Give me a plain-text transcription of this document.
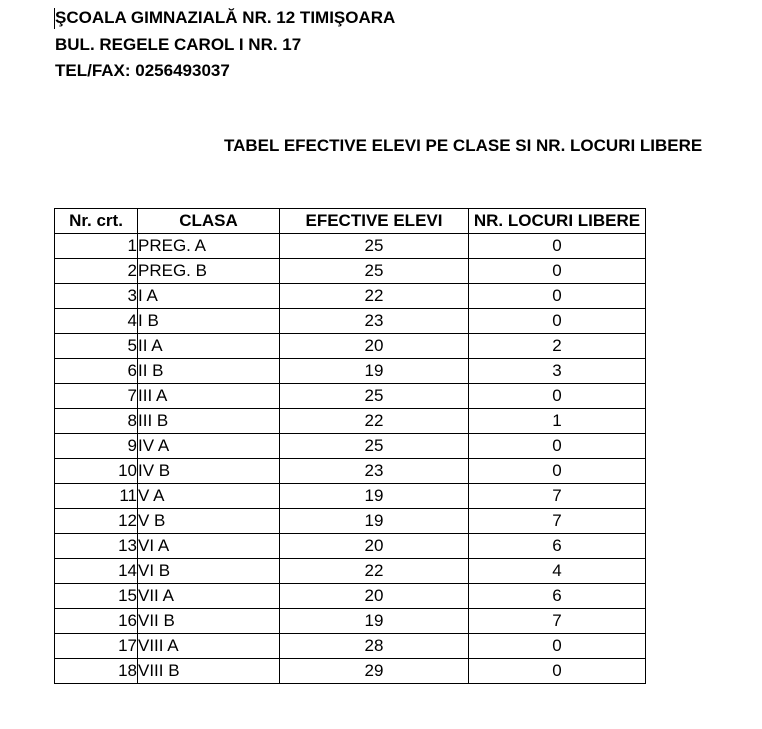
ŞCOALA GIMNAZIALĂ NR. 12 TIMIŞOARA
BUL. REGELE CAROL I NR. 17
TEL/FAX: 0256493037
TABEL EFECTIVE ELEVI PE CLASE SI NR. LOCURI LIBERE
Nr. crt.	CLASA	EFECTIVE ELEVI	NR. LOCURI LIBERE
1	PREG. A	25	0
2	PREG. B	25	0
3	I A	22	0
4	I B	23	0
5	II A	20	2
6	II B	19	3
7	III A	25	0
8	III B	22	1
9	IV A	25	0
10	IV B	23	0
11	V A	19	7
12	V B	19	7
13	VI A	20	6
14	VI B	22	4
15	VII A	20	6
16	VII B	19	7
17	VIII A	28	0
18	VIII B	29	0
